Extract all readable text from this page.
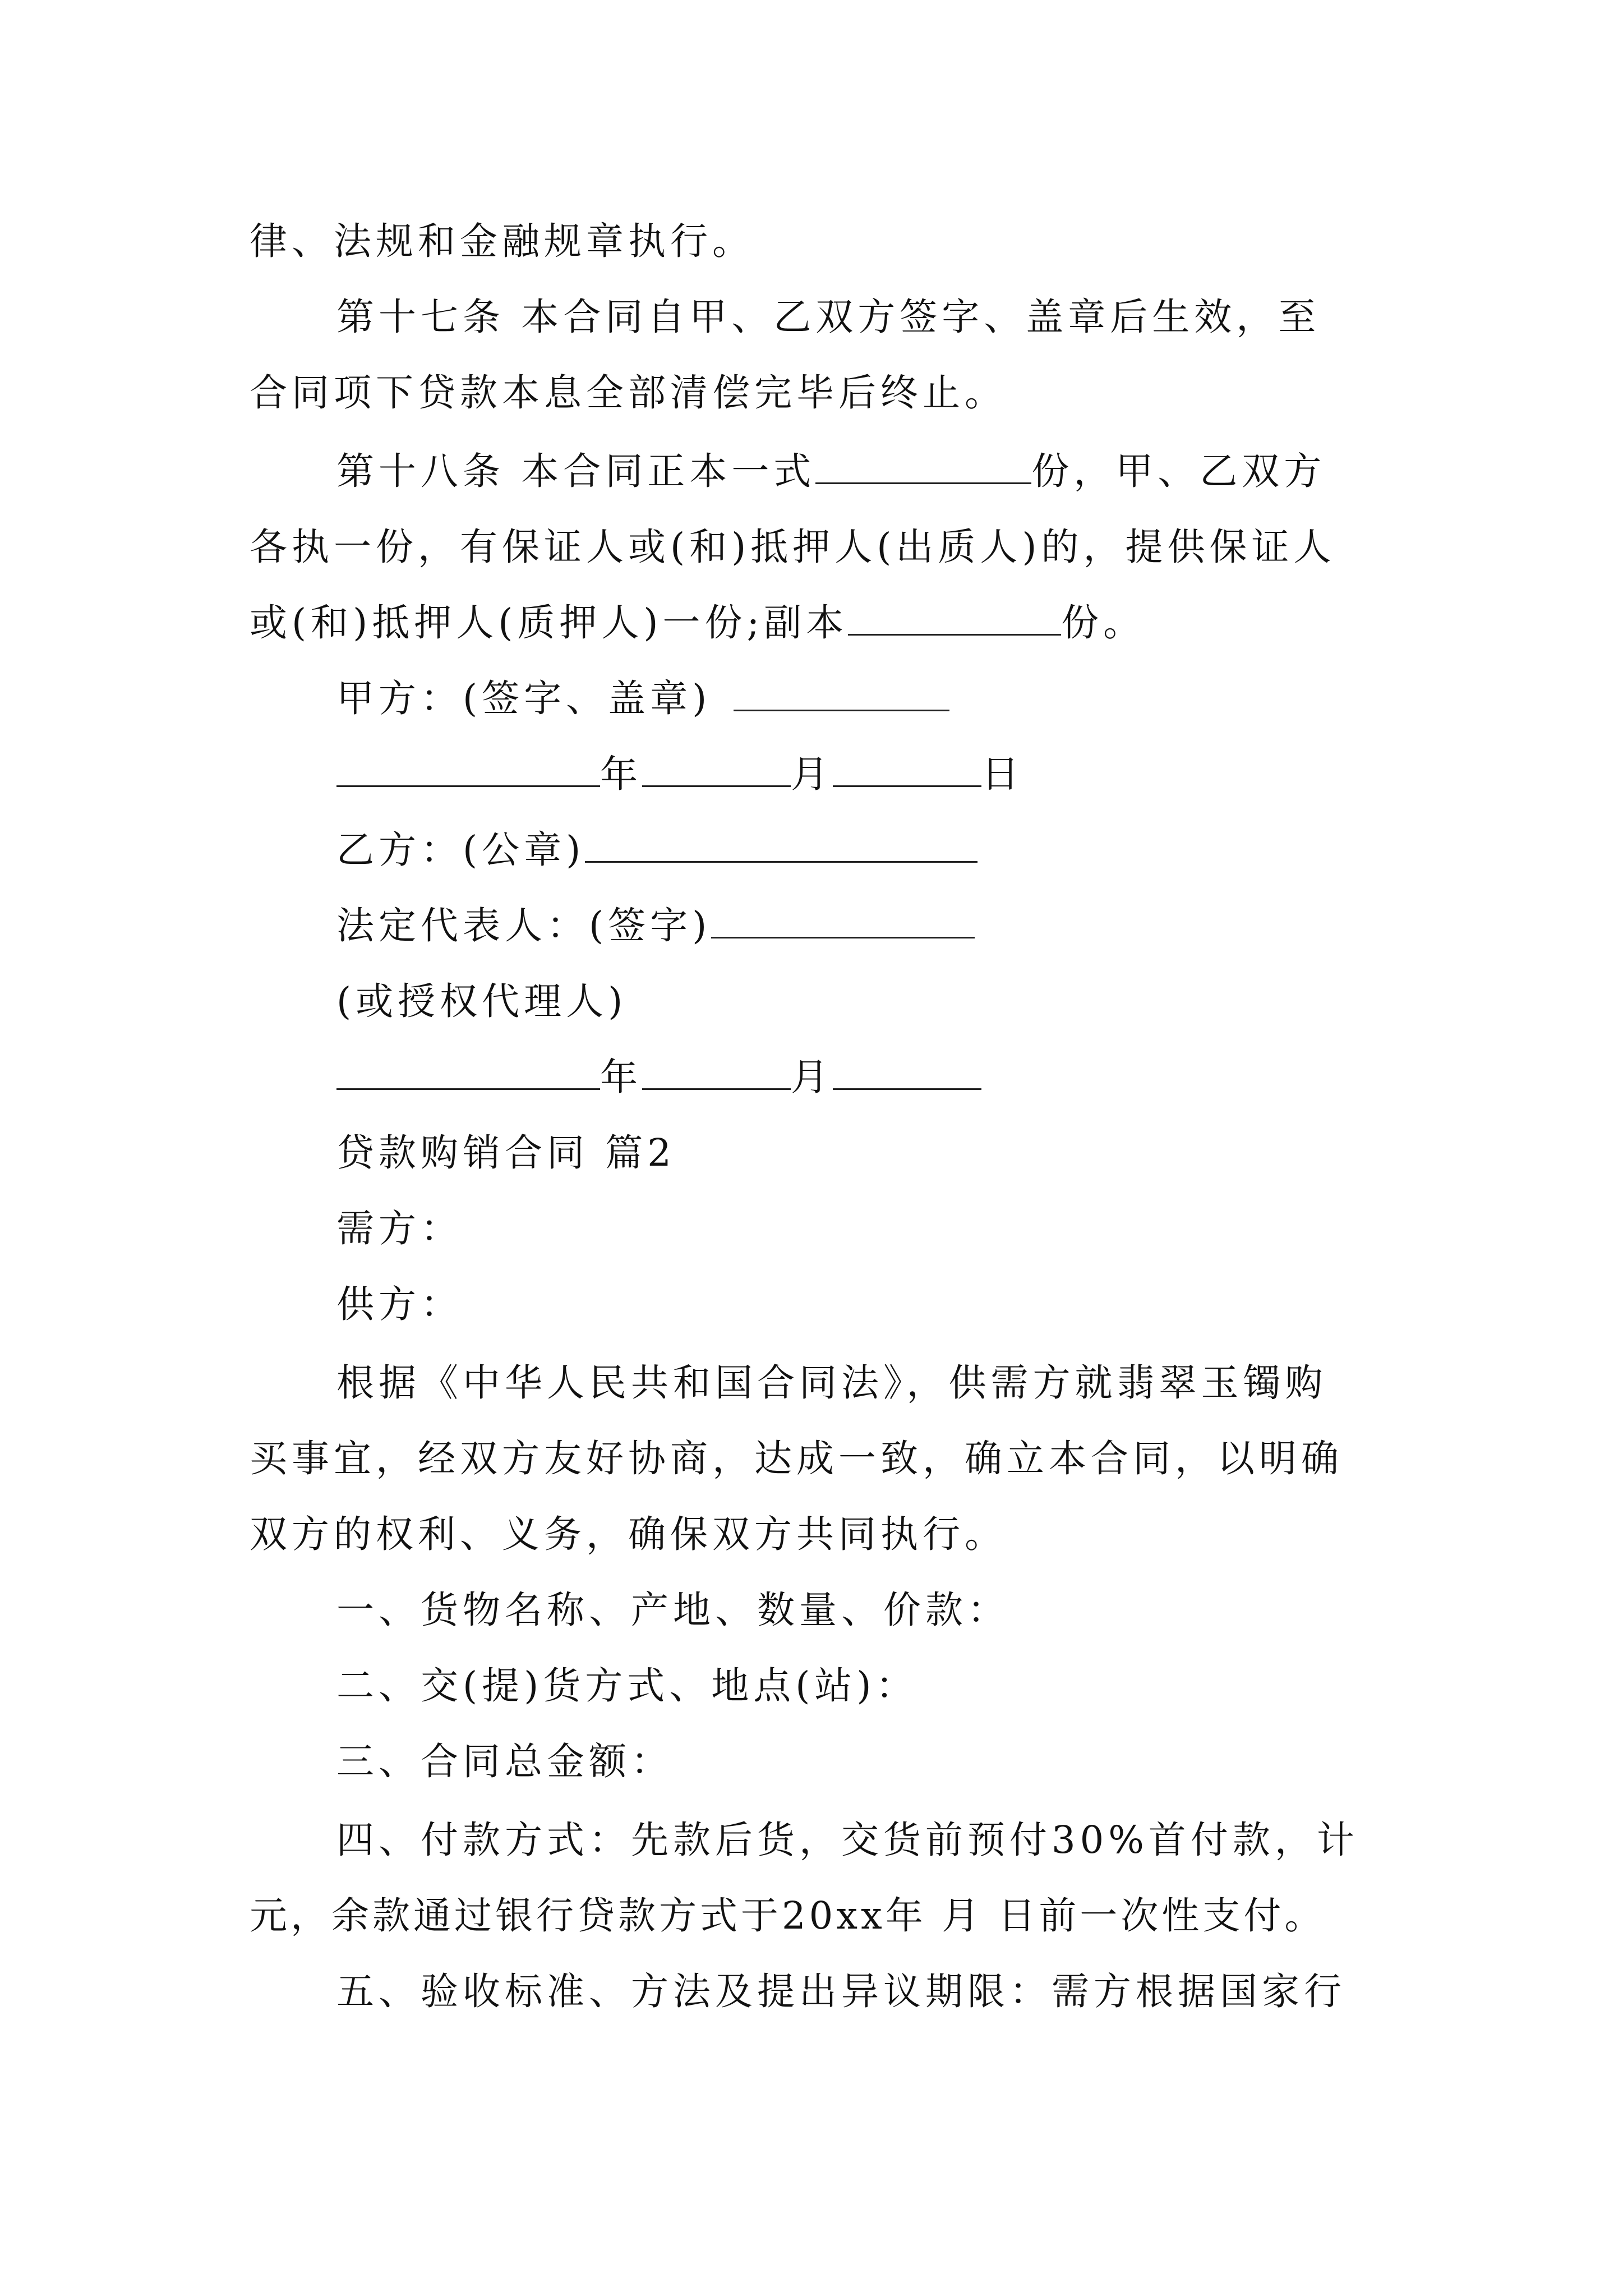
律、法规和金融规章执行。
第十七条 本合同自甲、乙双方签字、盖章后生效，至
合同项下贷款本息全部清偿完毕后终止。
第十八条 本合同正本一式	份，甲、乙双方
各执一份，有保证人或(和)抵押人(出质人)的，提供保证人
或(和)抵押人(质押人)一份;副本	份。
甲方：(签字、盖章)
年	月	日
乙方：(公章)
法定代表人：(签字)
(或授权代理人)
年	月
贷款购销合同 篇2
需方：
供方：
根据《中华人民共和国合同法》，供需方就翡翠玉镯购
买事宜，经双方友好协商，达成一致，确立本合同，以明确
双方的权利、义务，确保双方共同执行。
一、货物名称、产地、数量、价款：
二、交(提)货方式、地点(站)：
三、合同总金额：
四、付款方式：先款后货，交货前预付30%首付款，计
元，余款通过银行贷款方式于20xx年 月 日前一次性支付。
五、验收标准、方法及提出异议期限：需方根据国家行
